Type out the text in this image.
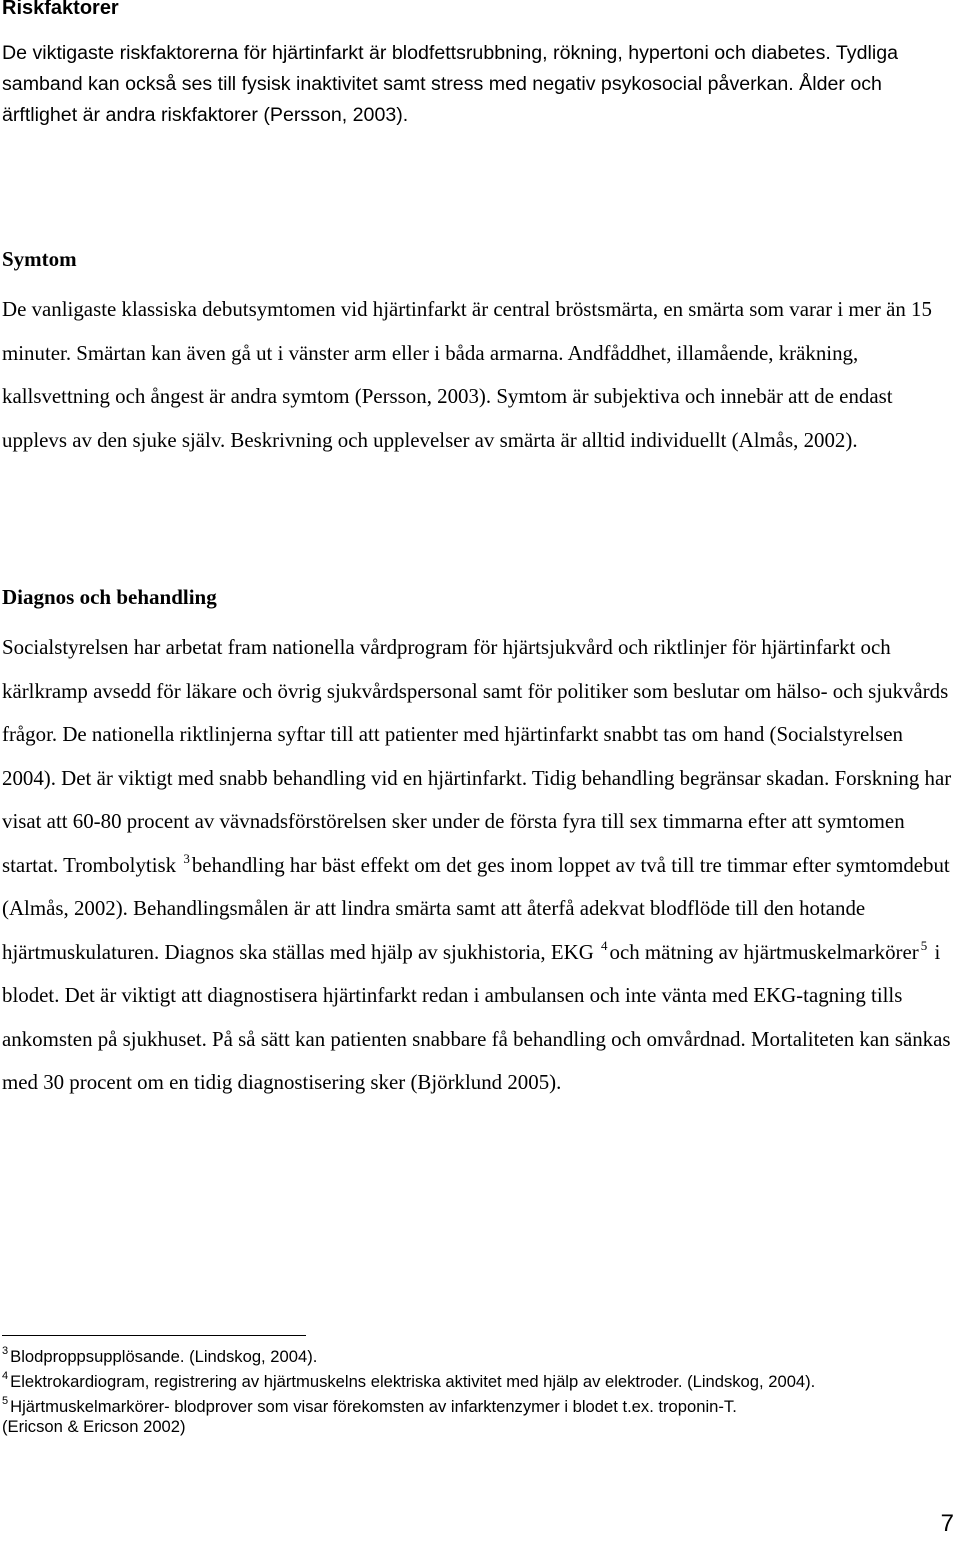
Riskfaktorer

De viktigaste riskfaktorerna för hjärtinfarkt är blodfettsrubbning, rökning, hypertoni och diabetes. Tydliga samband kan också ses till fysisk inaktivitet samt stress med negativ psykosocial påverkan. Ålder och ärftlighet är andra riskfaktorer (Persson, 2003).

Symtom

De vanligaste klassiska debutsymtomen vid hjärtinfarkt är central bröstsmärta, en smärta som varar i mer än 15 minuter. Smärtan kan även gå ut i vänster arm eller i båda armarna. Andfåddhet, illamående, kräkning, kallsvettning och ångest är andra symtom (Persson, 2003). Symtom är subjektiva och innebär att de endast upplevs av den sjuke själv. Beskrivning och upplevelser av smärta är alltid individuellt (Almås, 2002).

Diagnos och behandling

Socialstyrelsen har arbetat fram nationella vårdprogram för hjärtsjukvård och riktlinjer för hjärtinfarkt och kärlkramp avsedd för läkare och övrig sjukvårdspersonal samt för politiker som beslutar om hälso- och sjukvårds frågor. De nationella riktlinjerna syftar till att patienter med hjärtinfarkt snabbt tas om hand (Socialstyrelsen 2004). Det är viktigt med snabb behandling vid en hjärtinfarkt. Tidig behandling begränsar skadan. Forskning har visat att 60-80 procent av vävnadsförstörelsen sker under de första fyra till sex timmarna efter att symtomen startat. Trombolytisk $^3$behandling har bäst effekt om det ges inom loppet av två till tre timmar efter symtomdebut (Almås, 2002). Behandlingsmålen är att lindra smärta samt att återfå adekvat blodflöde till den hotande hjärtmuskulaturen. Diagnos ska ställas med hjälp av sjukhistoria, EKG $^4$och mätning av hjärtmuskelmarkörer $^5$ i blodet. Det är viktigt att diagnostisera hjärtinfarkt redan i ambulansen och inte vänta med EKG-tagning tills ankomsten på sjukhuset. På så sätt kan patienten snabbare få behandling och omvårdnad. Mortaliteten kan sänkas med 30 procent om en tidig diagnostisering sker (Björklund 2005).

$^3$ Blodproppsupplösande. (Lindskog, 2004).

$^4$ Elektrokardiogram, registrering av hjärtmuskelns elektriska aktivitet med hjälp av elektroder. (Lindskog, 2004).

$^5$ Hjärtmuskelmarkörer- blodprover som visar förekomsten av infarktenzymer i blodet t.ex. troponin-T. (Ericson & Ericson 2002)

7
